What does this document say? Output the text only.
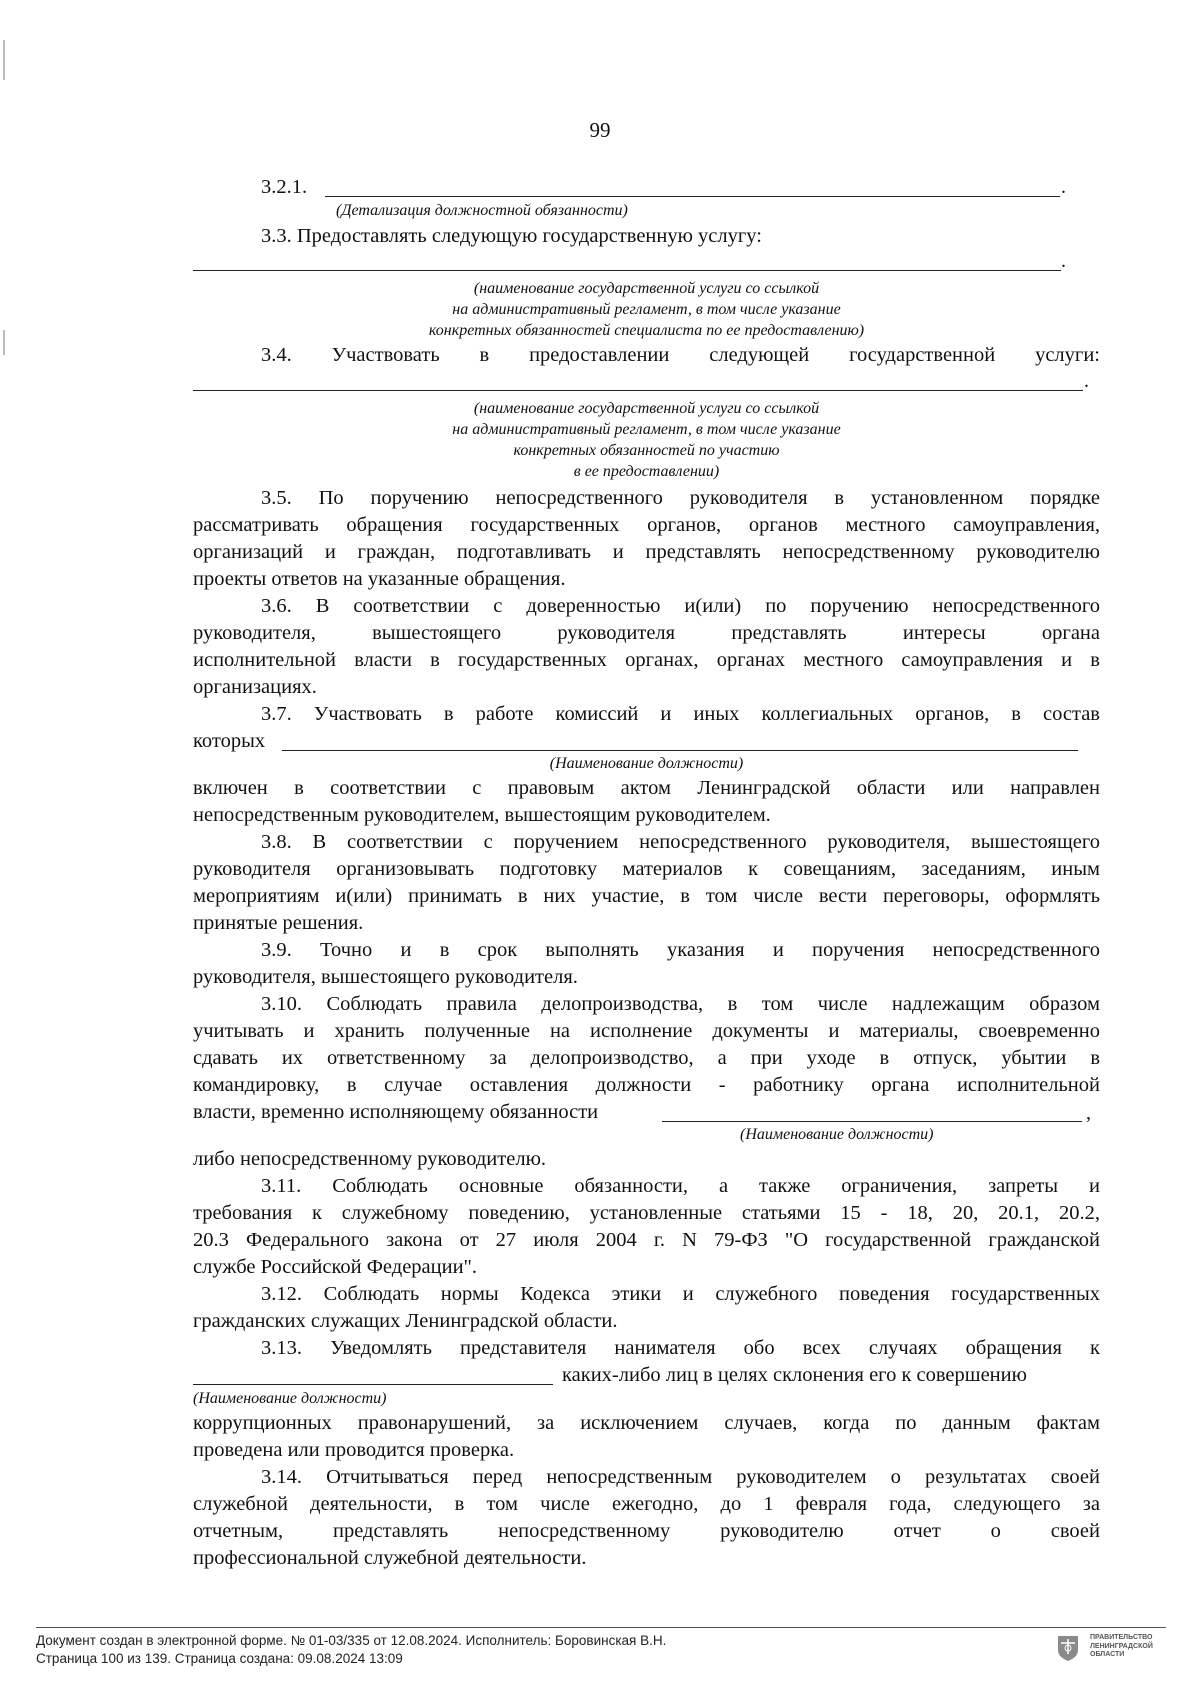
99
3.2.1.	.
(Детализация должностной обязанности)
3.3. Предоставлять следующую государственную услугу:
.
(наименование государственной услуги со ссылкой
на административный регламент, в том числе указание
конкретных обязанностей специалиста по ее предоставлению)
3.4. Участвовать в предоставлении следующей государственной услуги:
.
(наименование государственной услуги со ссылкой
на административный регламент, в том числе указание
конкретных обязанностей по участию
в ее предоставлении)
3.5. По поручению непосредственного руководителя в установленном порядке
рассматривать обращения государственных органов, органов местного самоуправления,
организаций и граждан, подготавливать и представлять непосредственному руководителю
проекты ответов на указанные обращения.
3.6. В соответствии с доверенностью и(или) по поручению непосредственного
руководителя, вышестоящего руководителя представлять интересы органа
исполнительной власти в государственных органах, органах местного самоуправления и в
организациях.
3.7. Участвовать в работе комиссий и иных коллегиальных органов, в состав
которых
(Наименование должности)
включен в соответствии с правовым актом Ленинградской области или направлен
непосредственным руководителем, вышестоящим руководителем.
3.8. В соответствии с поручением непосредственного руководителя, вышестоящего
руководителя организовывать подготовку материалов к совещаниям, заседаниям, иным
мероприятиям и(или) принимать в них участие, в том числе вести переговоры, оформлять
принятые решения.
3.9. Точно и в срок выполнять указания и поручения непосредственного
руководителя, вышестоящего руководителя.
3.10. Соблюдать правила делопроизводства, в том числе надлежащим образом
учитывать и хранить полученные на исполнение документы и материалы, своевременно
сдавать их ответственному за делопроизводство, а при уходе в отпуск, убытии в
командировку, в случае оставления должности - работнику органа исполнительной
власти, временно исполняющему обязанности	,
(Наименование должности)
либо непосредственному руководителю.
3.11. Соблюдать основные обязанности, а также ограничения, запреты и
требования к служебному поведению, установленные статьями 15 - 18, 20, 20.1, 20.2,
20.3 Федерального закона от 27 июля 2004 г. N 79-ФЗ "О государственной гражданской
службе Российской Федерации".
3.12. Соблюдать нормы Кодекса этики и служебного поведения государственных
гражданских служащих Ленинградской области.
3.13. Уведомлять представителя нанимателя обо всех случаях обращения к
каких-либо лиц в целях склонения его к совершению
(Наименование должности)
коррупционных правонарушений, за исключением случаев, когда по данным фактам
проведена или проводится проверка.
3.14. Отчитываться перед непосредственным руководителем о результатах своей
служебной деятельности, в том числе ежегодно, до 1 февраля года, следующего за
отчетным, представлять непосредственному руководителю отчет о своей
профессиональной служебной деятельности.
Документ создан в электронной форме. № 01-03/335 от 12.08.2024. Исполнитель: Боровинская В.Н.
Страница 100 из 139. Страница создана: 09.08.2024 13:09
ПРАВИТЕЛЬСТВО
ЛЕНИНГРАДСКОЙ
ОБЛАСТИ
